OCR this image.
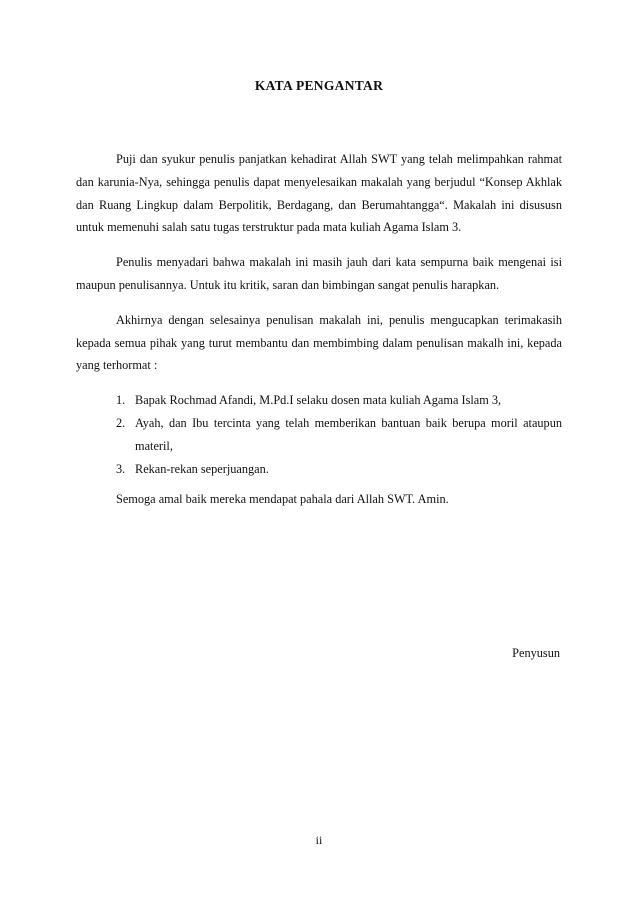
KATA PENGANTAR

Puji dan syukur penulis panjatkan kehadirat Allah SWT yang telah melimpahkan rahmat dan karunia-Nya, sehingga penulis dapat menyelesaikan makalah yang berjudul “Konsep Akhlak dan Ruang Lingkup dalam Berpolitik, Berdagang, dan Berumahtangga“. Makalah ini disususn untuk memenuhi salah satu tugas terstruktur pada mata kuliah Agama Islam 3.

Penulis menyadari bahwa makalah ini masih jauh dari kata sempurna baik mengenai isi maupun penulisannya. Untuk itu kritik, saran dan bimbingan sangat penulis harapkan.

Akhirnya dengan selesainya penulisan makalah ini, penulis mengucapkan terimakasih kepada semua pihak yang turut membantu dan membimbing dalam penulisan makalh ini, kepada yang terhormat :

1. Bapak Rochmad Afandi, M.Pd.I selaku dosen mata kuliah Agama Islam 3,
2. Ayah, dan Ibu tercinta yang telah memberikan bantuan baik berupa moril ataupun materil,
3. Rekan-rekan seperjuangan.

Semoga amal baik mereka mendapat pahala dari Allah SWT. Amin.

Penyusun
ii
